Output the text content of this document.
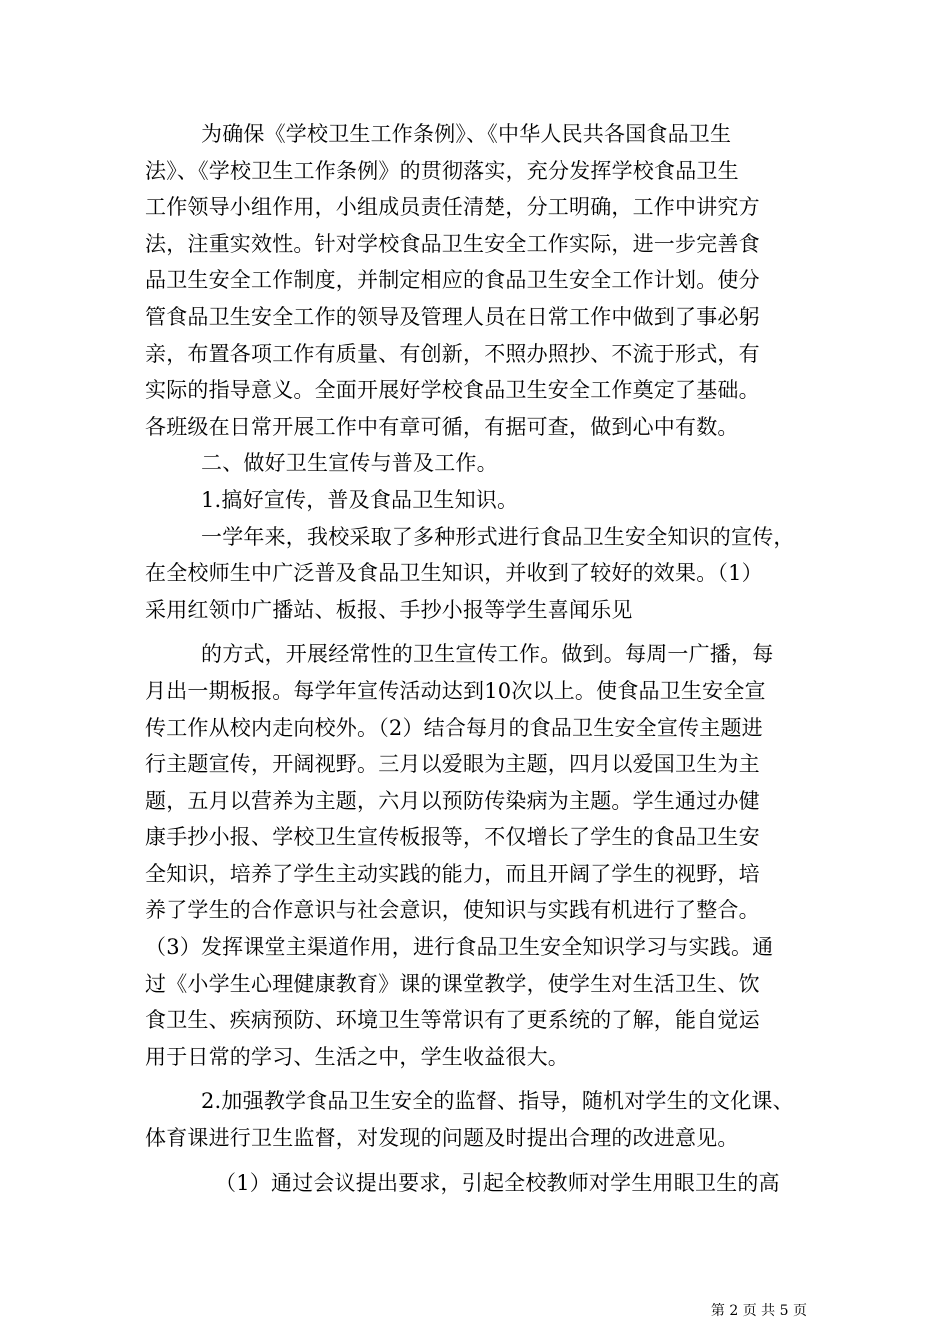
为确保《学校卫生工作条例》、《中华人民共各国食品卫生
法》、《学校卫生工作条例》的贯彻落实，充分发挥学校食品卫生
工作领导小组作用，小组成员责任清楚，分工明确，工作中讲究方
法，注重实效性。针对学校食品卫生安全工作实际，进一步完善食
品卫生安全工作制度，并制定相应的食品卫生安全工作计划。使分
管食品卫生安全工作的领导及管理人员在日常工作中做到了事必躬
亲，布置各项工作有质量、有创新，不照办照抄、不流于形式，有
实际的指导意义。全面开展好学校食品卫生安全工作奠定了基础。
各班级在日常开展工作中有章可循，有据可查，做到心中有数。
二、做好卫生宣传与普及工作。
1.搞好宣传，普及食品卫生知识。
一学年来，我校采取了多种形式进行食品卫生安全知识的宣传，
在全校师生中广泛普及食品卫生知识，并收到了较好的效果。（1）
采用红领巾广播站、板报、手抄小报等学生喜闻乐见
的方式，开展经常性的卫生宣传工作。做到。每周一广播，每
月出一期板报。每学年宣传活动达到10次以上。使食品卫生安全宣
传工作从校内走向校外。（2）结合每月的食品卫生安全宣传主题进
行主题宣传，开阔视野。三月以爱眼为主题，四月以爱国卫生为主
题，五月以营养为主题，六月以预防传染病为主题。学生通过办健
康手抄小报、学校卫生宣传板报等，不仅增长了学生的食品卫生安
全知识，培养了学生主动实践的能力，而且开阔了学生的视野，培
养了学生的合作意识与社会意识，使知识与实践有机进行了整合。
（3）发挥课堂主渠道作用，进行食品卫生安全知识学习与实践。通
过《小学生心理健康教育》课的课堂教学，使学生对生活卫生、饮
食卫生、疾病预防、环境卫生等常识有了更系统的了解，能自觉运
用于日常的学习、生活之中，学生收益很大。
2.加强教学食品卫生安全的监督、指导，随机对学生的文化课、
体育课进行卫生监督，对发现的问题及时提出合理的改进意见。
（1）通过会议提出要求，引起全校教师对学生用眼卫生的高
第 2 页 共 5 页
